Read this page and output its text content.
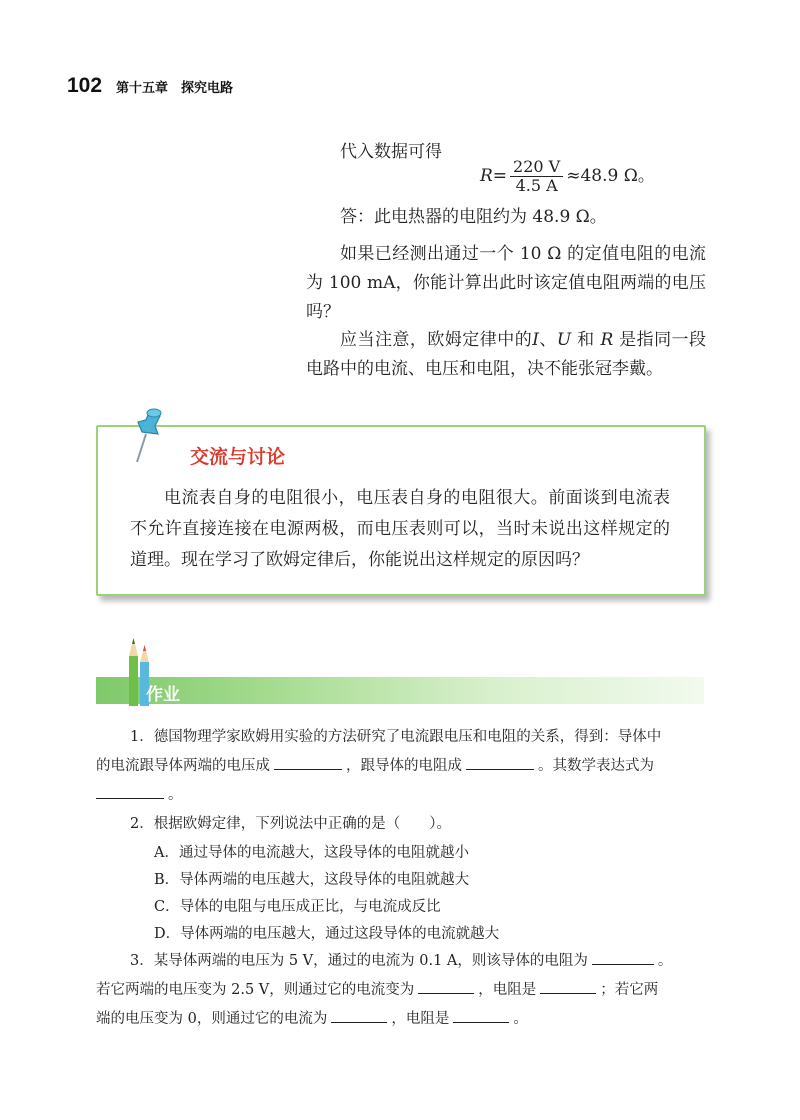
102 第十五章　探究电路
代入数据可得
$R= \frac{220 V}{4.5 A} \approx 48.9$ Ω。
答：此电热器的电阻约为 48.9 Ω。
如果已经测出通过一个 10 Ω 的定值电阻的电流为 100 mA，你能计算出此时该定值电阻两端的电压吗？
应当注意，欧姆定律中的I、U 和 R 是指同一段电路中的电流、电压和电阻，决不能张冠李戴。
交流与讨论
电流表自身的电阻很小，电压表自身的电阻很大。前面谈到电流表不允许直接连接在电源两极，而电压表则可以，当时未说出这样规定的道理。现在学习了欧姆定律后，你能说出这样规定的原因吗？
作业
1．德国物理学家欧姆用实验的方法研究了电流跟电压和电阻的关系，得到：导体中
的电流跟导体两端的电压成	，跟导体的电阻成	。其数学表达式为
。
2．根据欧姆定律，下列说法中正确的是（　　）。
A．通过导体的电流越大，这段导体的电阻就越小
B．导体两端的电压越大，这段导体的电阻就越大
C．导体的电阻与电压成正比，与电流成反比
D．导体两端的电压越大，通过这段导体的电流就越大
3．某导体两端的电压为 5 V，通过的电流为 0.1 A，则该导体的电阻为	。
若它两端的电压变为 2.5 V，则通过它的电流变为	，电阻是	；若它两
端的电压变为 0，则通过它的电流为	，电阻是	。
